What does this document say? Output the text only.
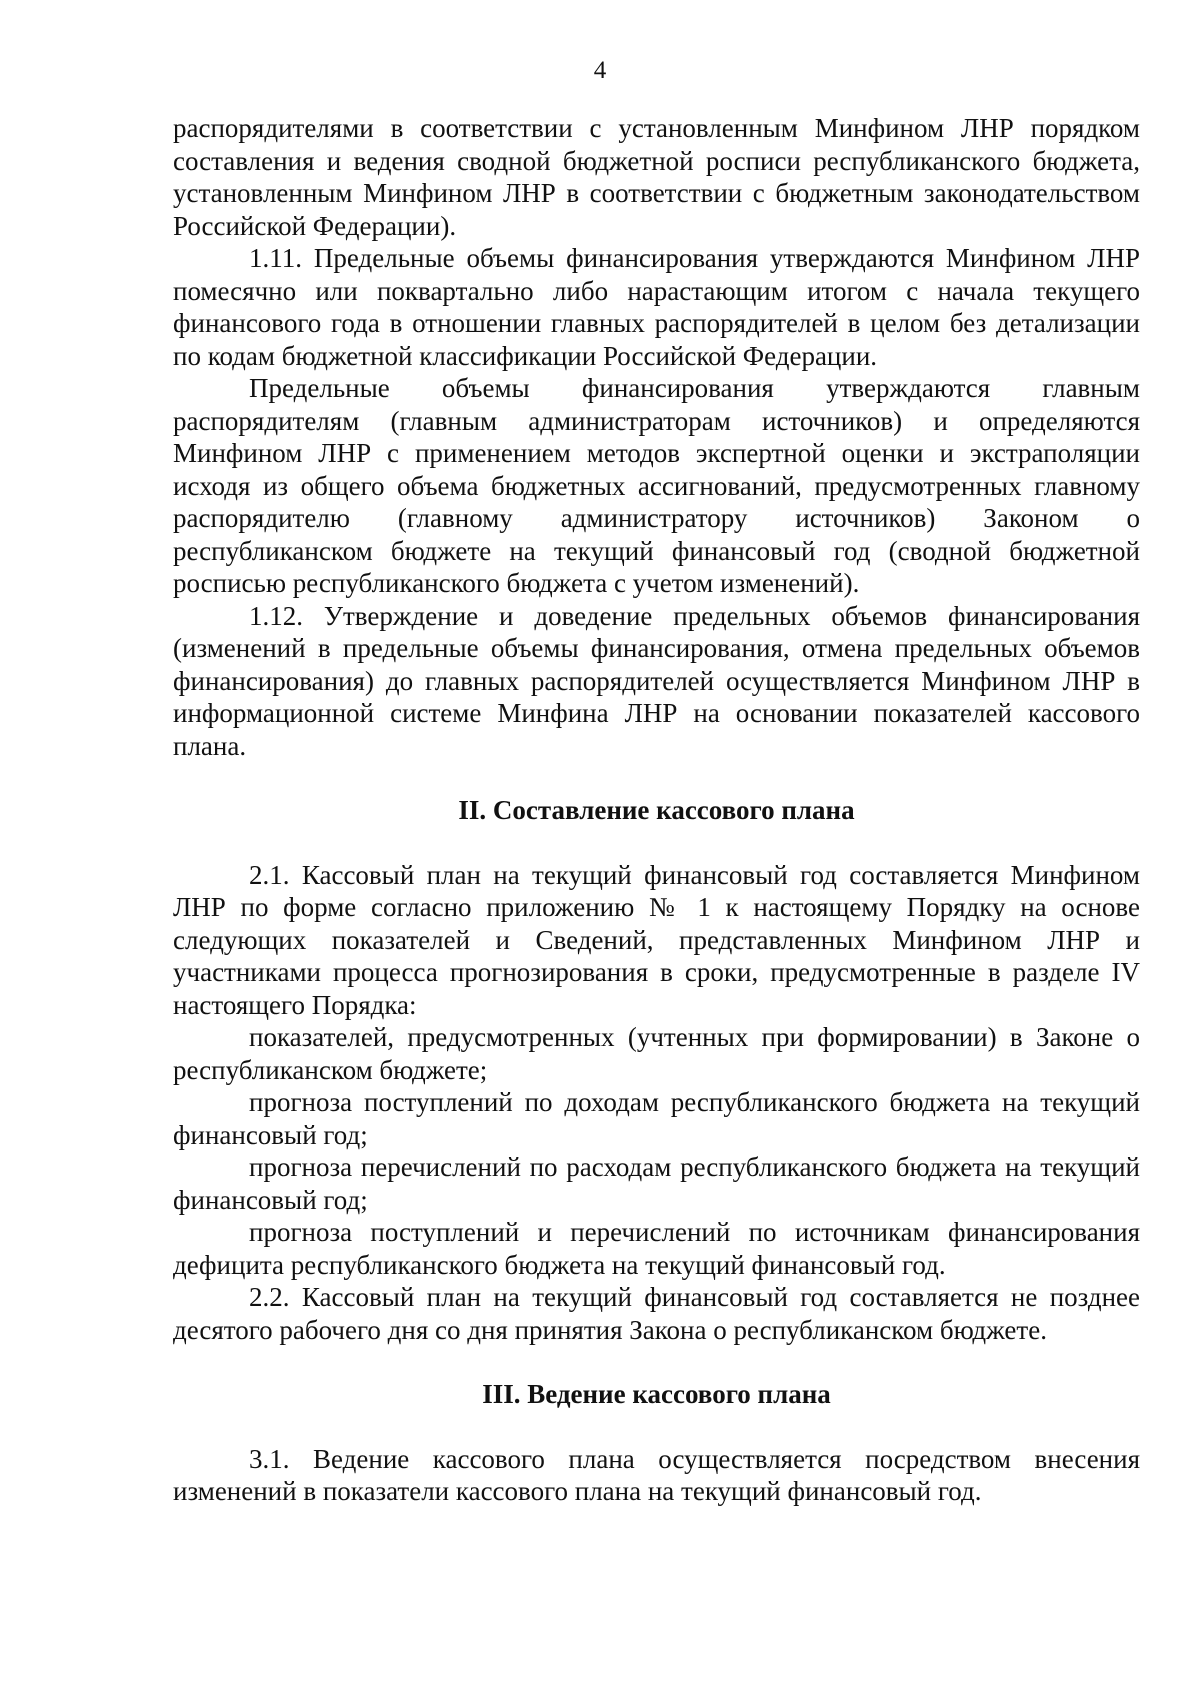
4

распорядителями в соответствии с установленным Минфином ЛНР порядком составления и ведения сводной бюджетной росписи республиканского бюджета, установленным Минфином ЛНР в соответствии с бюджетным законодательством Российской Федерации).

1.11. Предельные объемы финансирования утверждаются Минфином ЛНР помесячно или поквартально либо нарастающим итогом с начала текущего финансового года в отношении главных распорядителей в целом без детализации по кодам бюджетной классификации Российской Федерации.

Предельные объемы финансирования утверждаются главным распорядителям (главным администраторам источников) и определяются Минфином ЛНР с применением методов экспертной оценки и экстраполяции исходя из общего объема бюджетных ассигнований, предусмотренных главному распорядителю (главному администратору источников) Законом о республиканском бюджете на текущий финансовый год (сводной бюджетной росписью республиканского бюджета с учетом изменений).

1.12. Утверждение и доведение предельных объемов финансирования (изменений в предельные объемы финансирования, отмена предельных объемов финансирования) до главных распорядителей осуществляется Минфином ЛНР в информационной системе Минфина ЛНР на основании показателей кассового плана.

II. Составление кассового плана

2.1. Кассовый план на текущий финансовый год составляется Минфином ЛНР по форме согласно приложению № 1 к настоящему Порядку на основе следующих показателей и Сведений, представленных Минфином ЛНР и участниками процесса прогнозирования в сроки, предусмотренные в разделе IV настоящего Порядка:

показателей, предусмотренных (учтенных при формировании) в Законе о республиканском бюджете;

прогноза поступлений по доходам республиканского бюджета на текущий финансовый год;

прогноза перечислений по расходам республиканского бюджета на текущий финансовый год;

прогноза поступлений и перечислений по источникам финансирования дефицита республиканского бюджета на текущий финансовый год.

2.2. Кассовый план на текущий финансовый год составляется не позднее десятого рабочего дня со дня принятия Закона о республиканском бюджете.

III. Ведение кассового плана

3.1. Ведение кассового плана осуществляется посредством внесения изменений в показатели кассового плана на текущий финансовый год.
